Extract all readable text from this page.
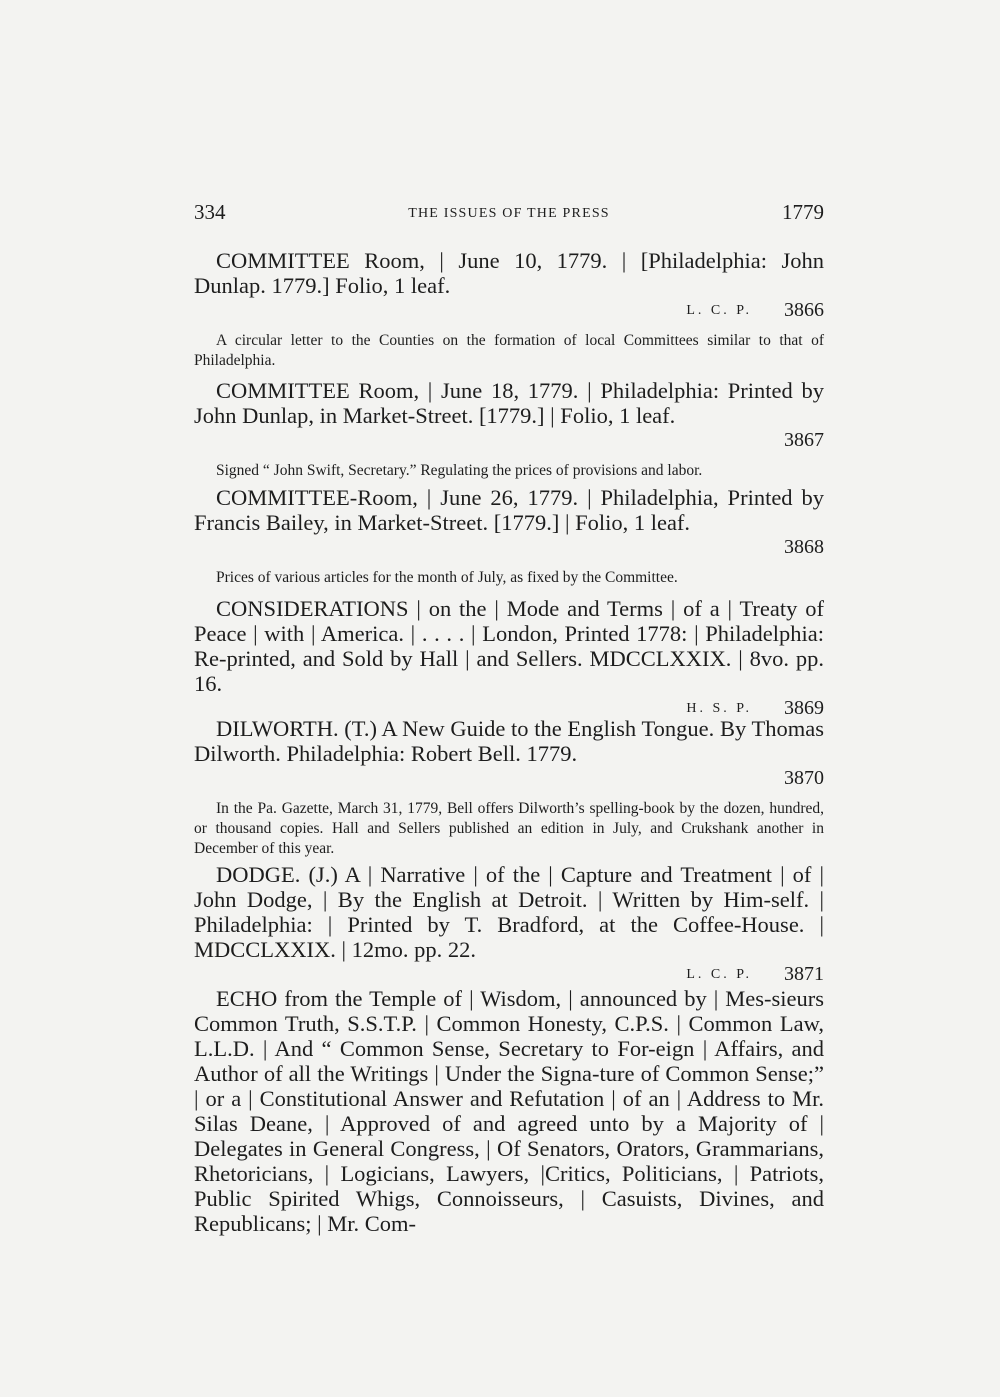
334	THE ISSUES OF THE PRESS	1779

COMMITTEE Room, | June 10, 1779. | [Philadelphia: John Dunlap. 1779.] Folio, 1 leaf.

L. C. P. 3866

A circular letter to the Counties on the formation of local Committees similar to that of Philadelphia.

COMMITTEE Room, | June 18, 1779. | Philadelphia: Printed by John Dunlap, in Market-Street. [1779.] | Folio, 1 leaf.

3867

Signed “ John Swift, Secretary.” Regulating the prices of provisions and labor.

COMMITTEE-Room, | June 26, 1779. | Philadelphia, Printed by Francis Bailey, in Market-Street. [1779.] | Folio, 1 leaf.

3868

Prices of various articles for the month of July, as fixed by the Committee.

CONSIDERATIONS | on the | Mode and Terms | of a | Treaty of Peace | with | America. | . . . . | London, Printed 1778: | Philadelphia: Re-printed, and Sold by Hall | and Sellers. MDCCLXXIX. | 8vo. pp. 16.

H. S. P. 3869

DILWORTH. (T.) A New Guide to the English Tongue. By Thomas Dilworth. Philadelphia: Robert Bell. 1779.

3870

In the Pa. Gazette, March 31, 1779, Bell offers Dilworth’s spelling-book by the dozen, hundred, or thousand copies. Hall and Sellers published an edition in July, and Crukshank another in December of this year.

DODGE. (J.) A | Narrative | of the | Capture and Treatment | of | John Dodge, | By the English at Detroit. | Written by Him-self. | Philadelphia: | Printed by T. Bradford, at the Coffee-House. | MDCCLXXIX. | 12mo. pp. 22.

L. C. P. 3871

ECHO from the Temple of | Wisdom, | announced by | Mes-sieurs Common Truth, S.S.T.P. | Common Honesty, C.P.S. | Common Law, L.L.D. | And “ Common Sense, Secretary to For-eign | Affairs, and Author of all the Writings | Under the Signa-ture of Common Sense;” | or a | Constitutional Answer and Refutation | of an | Address to Mr. Silas Deane, | Approved of and agreed unto by a Majority of | Delegates in General Congress, | Of Senators, Orators, Grammarians, Rhetoricians, | Logicians, Lawyers, |Critics, Politicians, | Patriots, Public Spirited Whigs, Connoisseurs, | Casuists, Divines, and Republicans; | Mr. Com-
